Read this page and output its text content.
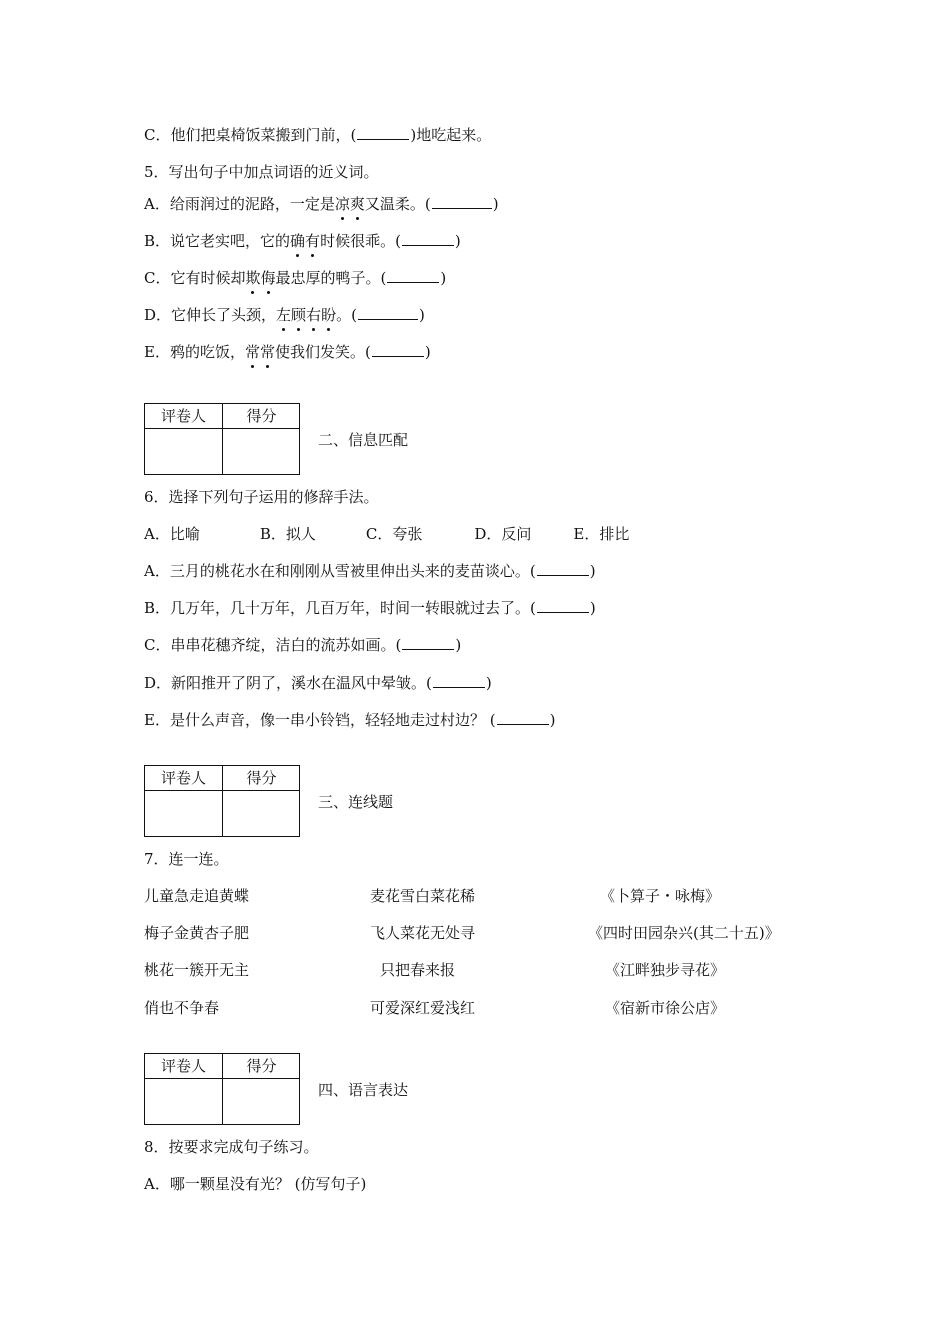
C．他们把桌椅饭菜搬到门前，(	)地吃起来。
5．写出句子中加点词语的近义词。
A．给雨润过的泥路，一定是凉爽又温柔。(	)
B．说它老实吧，它的确有时候很乖。(	)
C．它有时候却欺侮最忠厚的鸭子。(	)
D．它伸长了头颈，左顾右盼。(	)
E．鸦的吃饭，常常使我们发笑。(	)
评卷人	得分
二、信息匹配
6．选择下列句子运用的修辞手法。
A．比喻	B．拟人	C．夸张	D．反问	E．排比
A．三月的桃花水在和刚刚从雪被里伸出头来的麦苗谈心。(	)
B．几万年，几十万年，几百万年，时间一转眼就过去了。(	)
C．串串花穗齐绽，洁白的流苏如画。(	)
D．新阳推开了阴了，溪水在温风中晕皱。(	)
E．是什么声音，像一串小铃铛，轻轻地走过村边？ (	)
评卷人	得分
三、连线题
7．连一连。
儿童急走追黄蝶	麦花雪白菜花稀	《卜算子・咏梅》
梅子金黄杏子肥	飞人菜花无处寻	《四时田园杂兴(其二十五)》
桃花一簇开无主	只把春来报	《江畔独步寻花》
俏也不争春	可爱深红爱浅红	《宿新市徐公店》
评卷人	得分
四、语言表达
8．按要求完成句子练习。
A．哪一颗星没有光？ (仿写句子)
